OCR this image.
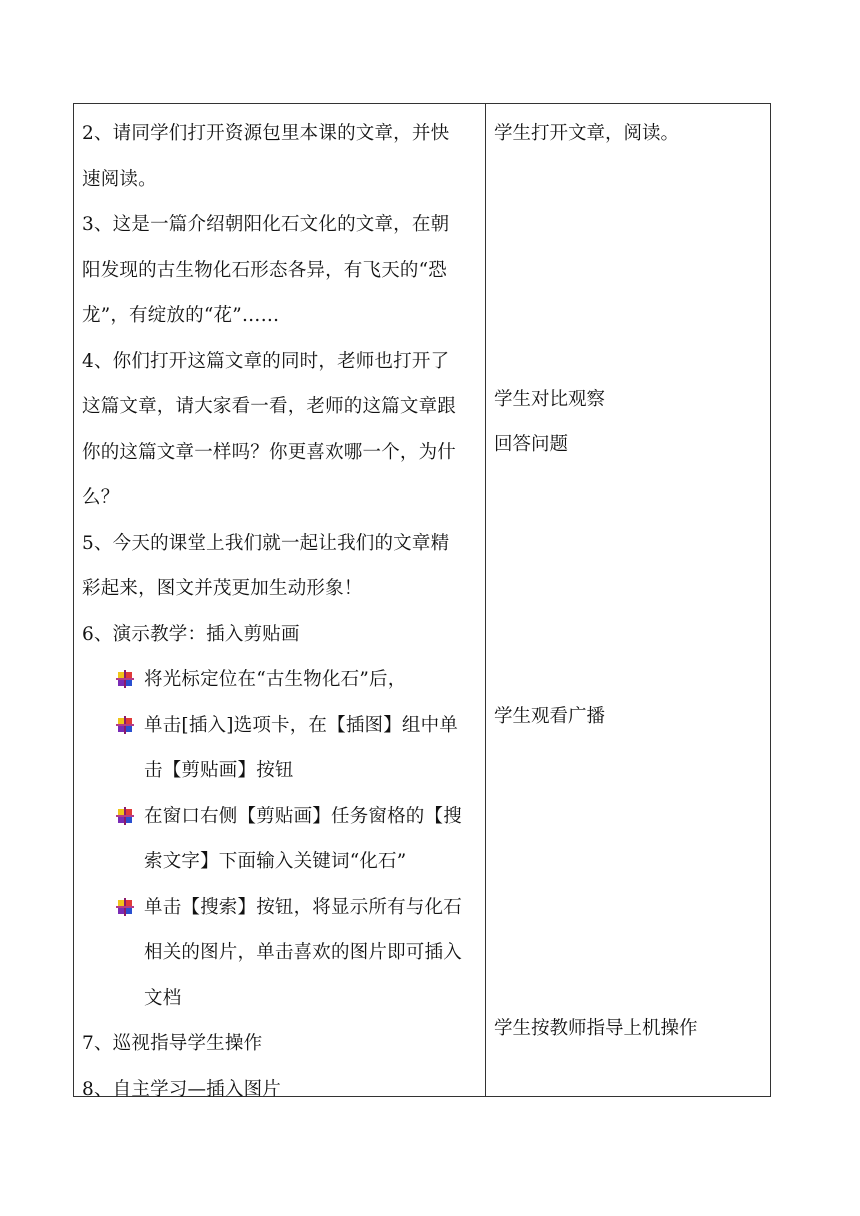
2、请同学们打开资源包里本课的文章，并快
速阅读。
3、这是一篇介绍朝阳化石文化的文章，在朝
阳发现的古生物化石形态各异，有飞天的“恐
龙”，有绽放的“花”……
4、你们打开这篇文章的同时，老师也打开了
这篇文章，请大家看一看，老师的这篇文章跟
你的这篇文章一样吗？你更喜欢哪一个，为什
么？
5、今天的课堂上我们就一起让我们的文章精
彩起来，图文并茂更加生动形象！
6、演示教学：插入剪贴画
将光标定位在“古生物化石”后，
单击[插入]选项卡，在【插图】组中单
击【剪贴画】按钮
在窗口右侧【剪贴画】任务窗格的【搜
索文字】下面输入关键词“化石”
单击【搜索】按钮，将显示所有与化石
相关的图片，单击喜欢的图片即可插入
文档
7、巡视指导学生操作
8、自主学习—插入图片
学生打开文章，阅读。
学生对比观察
回答问题
学生观看广播
学生按教师指导上机操作
